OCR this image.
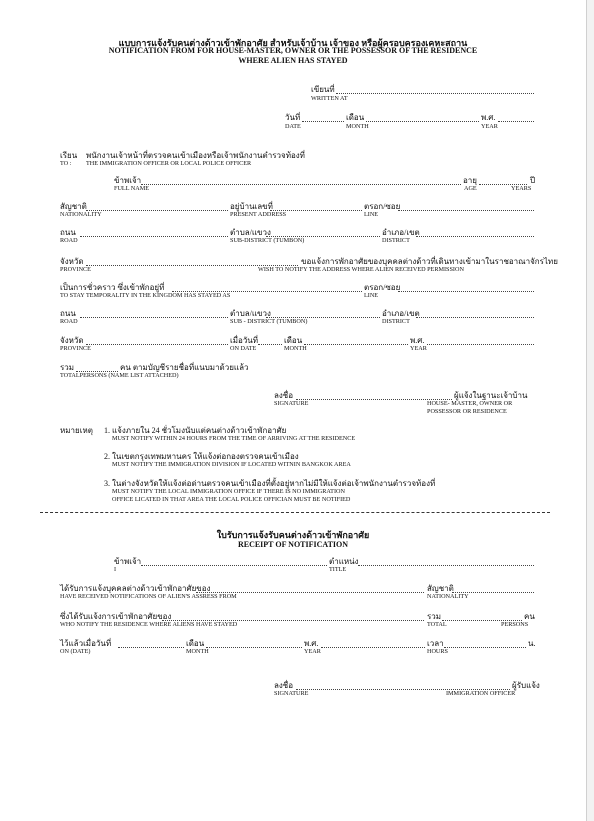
แบบการแจ้งรับคนต่างด้าวเข้าพักอาศัย สำหรับเจ้าบ้าน เจ้าของ หรือผู้ครอบครองเคหะสถาน
NOTIFICATION FROM FOR HOUSE-MASTER, OWNER OR THE POSSESSOR OF THE RESIDENCE
WHERE ALIEN HAS STAYED
เขียนที่
WRITTEN AT
วันที่
DATE
เดือน
MONTH
พ.ศ.
YEAR
เรียน พนักงานเจ้าหน้าที่ตรวจคนเข้าเมืองหรือเจ้าพนักงานตำรวจท้องที่
TO : THE IMMIGRATION OFFICER OR LOCAL POLICE OFFICER
ข้าพเจ้า
FULL NAME
อายุ	ปี
AGE	YEARS
สัญชาติ
NATIONALITY
อยู่บ้านเลขที่
PRESENT ADDRESS
ตรอก/ซอย
LINE
ถนน
ROAD
ตำบล/แขวง
SUB-DISTRICT (TUMBON)
อำเภอ/เขต
DISTRICT
จังหวัด
PROVINCE
ขอแจ้งการพักอาศัยของบุคคลต่างด้าวที่เดินทางเข้ามาในราชอาณาจักรไทย
WISH TO NOTIFY THE ADDRESS WHERE ALIEN RECEIVED PERMISSION
เป็นการชั่วคราว ซึ่งเข้าพักอยู่ที่
TO STAY TEMPORALITY IN THE KINGDOM HAS STAYED AS
ตรอก/ซอย
LINE
ถนน
ROAD
ตำบล/แขวง
SUB - DISTRICT (TUMBON)
อำเภอ/เขต
DISTRICT
จังหวัด
PROVINCE
เมื่อวันที่
ON DATE
เดือน
MONTH
พ.ศ.
YEAR
รวม	คน ตามบัญชีรายชื่อที่แนบมาด้วยแล้ว
TOTALPERSONS (NAME LIST ATTACHED)
ลงชื่อ
SIGNATURE
ผู้แจ้งในฐานะเจ้าบ้าน
HOUSE- MASTER, OWNER OR
POSSESSOR OR RESIDENCE
หมายเหตุ 1. แจ้งภายใน 24 ชั่วโมงนับแต่คนต่างด้าวเข้าพักอาศัย
MUST NOTIFY WITHIN 24 HOURS FROM THE TIME OF ARRIVING AT THE RESIDENCE
2. ในเขตกรุงเทพมหานคร ให้แจ้งต่อกองตรวจคนเข้าเมือง
MUST NOTIFY THE IMMIGRATION DIVISION IF LOCATED WITNIN BANGKOK AREA
3. ในต่างจังหวัดให้แจ้งต่อด่านตรวจคนเข้าเมืองที่ตั้งอยู่หากไม่มีให้แจ้งต่อเจ้าพนักงานตำรวจท้องที่
MUST NOTIFY THE LOCAL IMMIGRATION OFFICE IF THERE IS NO IMMIGRATION
OFFICE LICATED IN THAT AREA THE LOCAL POLICE OFFICIAN MUST BE NOTIFIED
ใบรับการแจ้งรับคนต่างด้าวเข้าพักอาศัย
RECEIPT OF NOTIFICATION
ข้าพเจ้า
I
ตำแหน่ง
TITLE
ได้รับการแจ้งบุคคลต่างด้าวเข้าพักอาศัยของ
HAVE RECEIVED NOTIFICATIONS OF ALIEN'S ASSRESS FROM
สัญชาติ
NATIONALITY
ซึ่งได้รับแจ้งการเข้าพักอาศัยของ
WHO NOTIFY THE RESIDENCE WHERE ALIENS HAVE STAYED
รวม	คน
TOTAL	PERSONS
ไว้แล้วเมื่อวันที่
ON (DATE)
เดือน
MONTH
พ.ศ.
YEAR
เวลา	น.
HOURS
ลงชื่อ
SIGNATURE
ผู้รับแจ้ง
IMMIGRATION OFFICER
